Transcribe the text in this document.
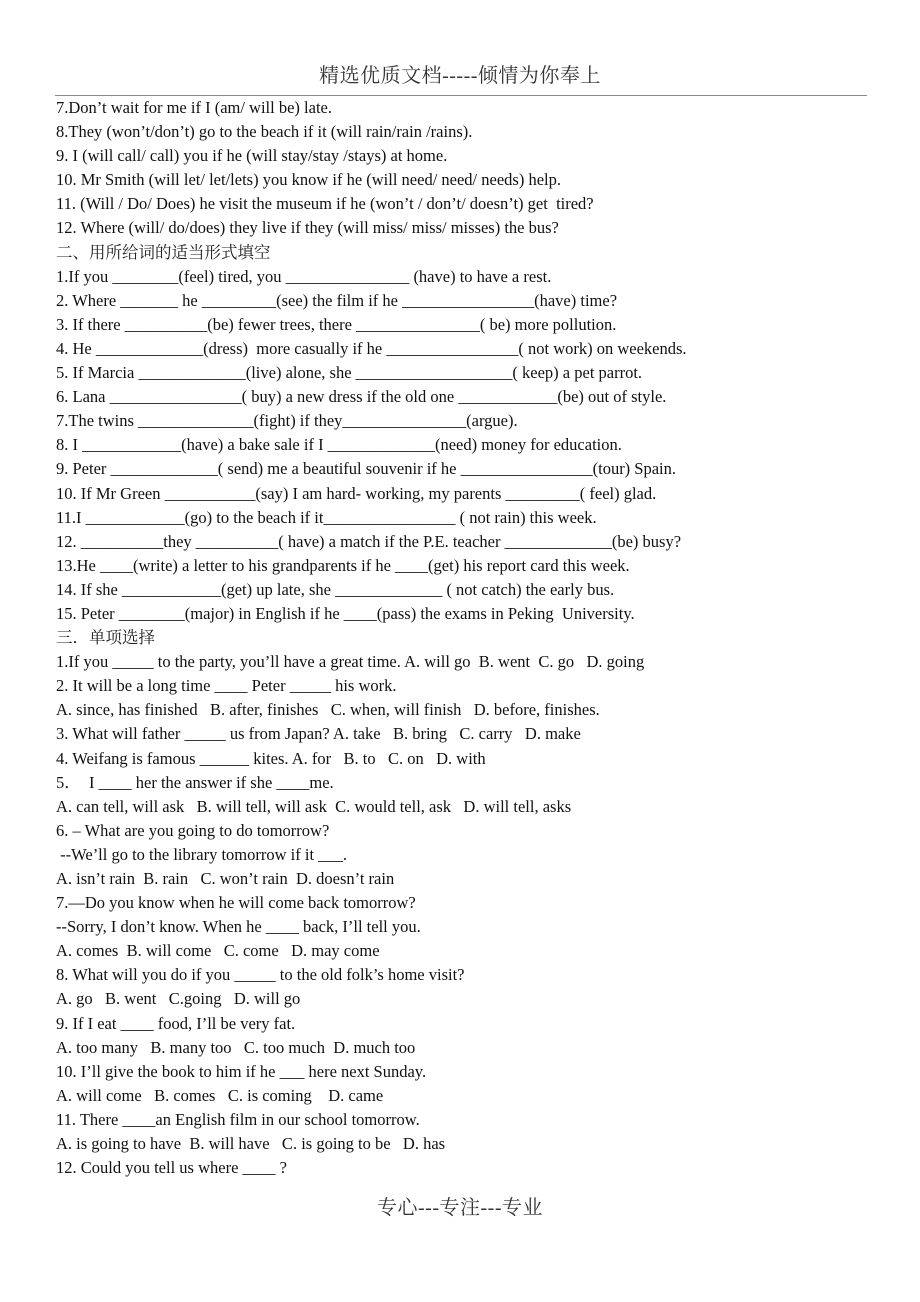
精选优质文档-----倾情为你奉上
7.Don’t wait for me if I (am/ will be) late.
8.They (won’t/don’t) go to the beach if it (will rain/rain /rains).
9. I (will call/ call) you if he (will stay/stay /stays) at home.
10. Mr Smith (will let/ let/lets) you know if he (will need/ need/ needs) help.
11. (Will / Do/ Does) he visit the museum if he (won’t / don’t/ doesn’t) get  tired?
12. Where (will/ do/does) they live if they (will miss/ miss/ misses) the bus?
二、用所给词的适当形式填空
1.If you ________(feel) tired, you _______________ (have) to have a rest.
2. Where _______ he _________(see) the film if he ________________(have) time?
3. If there __________(be) fewer trees, there _______________( be) more pollution.
4. He _____________(dress)  more casually if he ________________( not work) on weekends.
5. If Marcia _____________(live) alone, she ___________________( keep) a pet parrot.
6. Lana ________________( buy) a new dress if the old one ____________(be) out of style.
7.The twins ______________(fight) if they_______________(argue).
8. I ____________(have) a bake sale if I _____________(need) money for education.
9. Peter _____________( send) me a beautiful souvenir if he ________________(tour) Spain.
10. If Mr Green ___________(say) I am hard- working, my parents _________( feel) glad.
11.I ____________(go) to the beach if it________________ ( not rain) this week.
12. __________they __________( have) a match if the P.E. teacher _____________(be) busy?
13.He ____(write) a letter to his grandparents if he ____(get) his report card this week.
14. If she ____________(get) up late, she _____________ ( not catch) the early bus.
15. Peter ________(major) in English if he ____(pass) the exams in Peking  University.
三．单项选择
1.If you _____ to the party, you’ll have a great time. A. will go  B. went  C. go   D. going
2. It will be a long time ____ Peter _____ his work.
A. since, has finished   B. after, finishes   C. when, will finish   D. before, finishes.
3. What will father _____ us from Japan? A. take   B. bring   C. carry   D. make
4. Weifang is famous ______ kites. A. for   B. to   C. on   D. with
5．  I ____ her the answer if she ____me.
A. can tell, will ask   B. will tell, will ask  C. would tell, ask   D. will tell, asks
6. – What are you going to do tomorrow?
--We’ll go to the library tomorrow if it ___.
A. isn’t rain  B. rain   C. won’t rain  D. doesn’t rain
7.—Do you know when he will come back tomorrow?
--Sorry, I don’t know. When he ____ back, I’ll tell you.
A. comes  B. will come   C. come   D. may come
8. What will you do if you _____ to the old folk’s home visit?
A. go   B. went   C.going   D. will go
9. If I eat ____ food, I’ll be very fat.
A. too many   B. many too   C. too much  D. much too
10. I’ll give the book to him if he ___ here next Sunday.
A. will come   B. comes   C. is coming    D. came
11. There ____an English film in our school tomorrow.
A. is going to have  B. will have   C. is going to be   D. has
12. Could you tell us where ____ ?
专心---专注---专业
